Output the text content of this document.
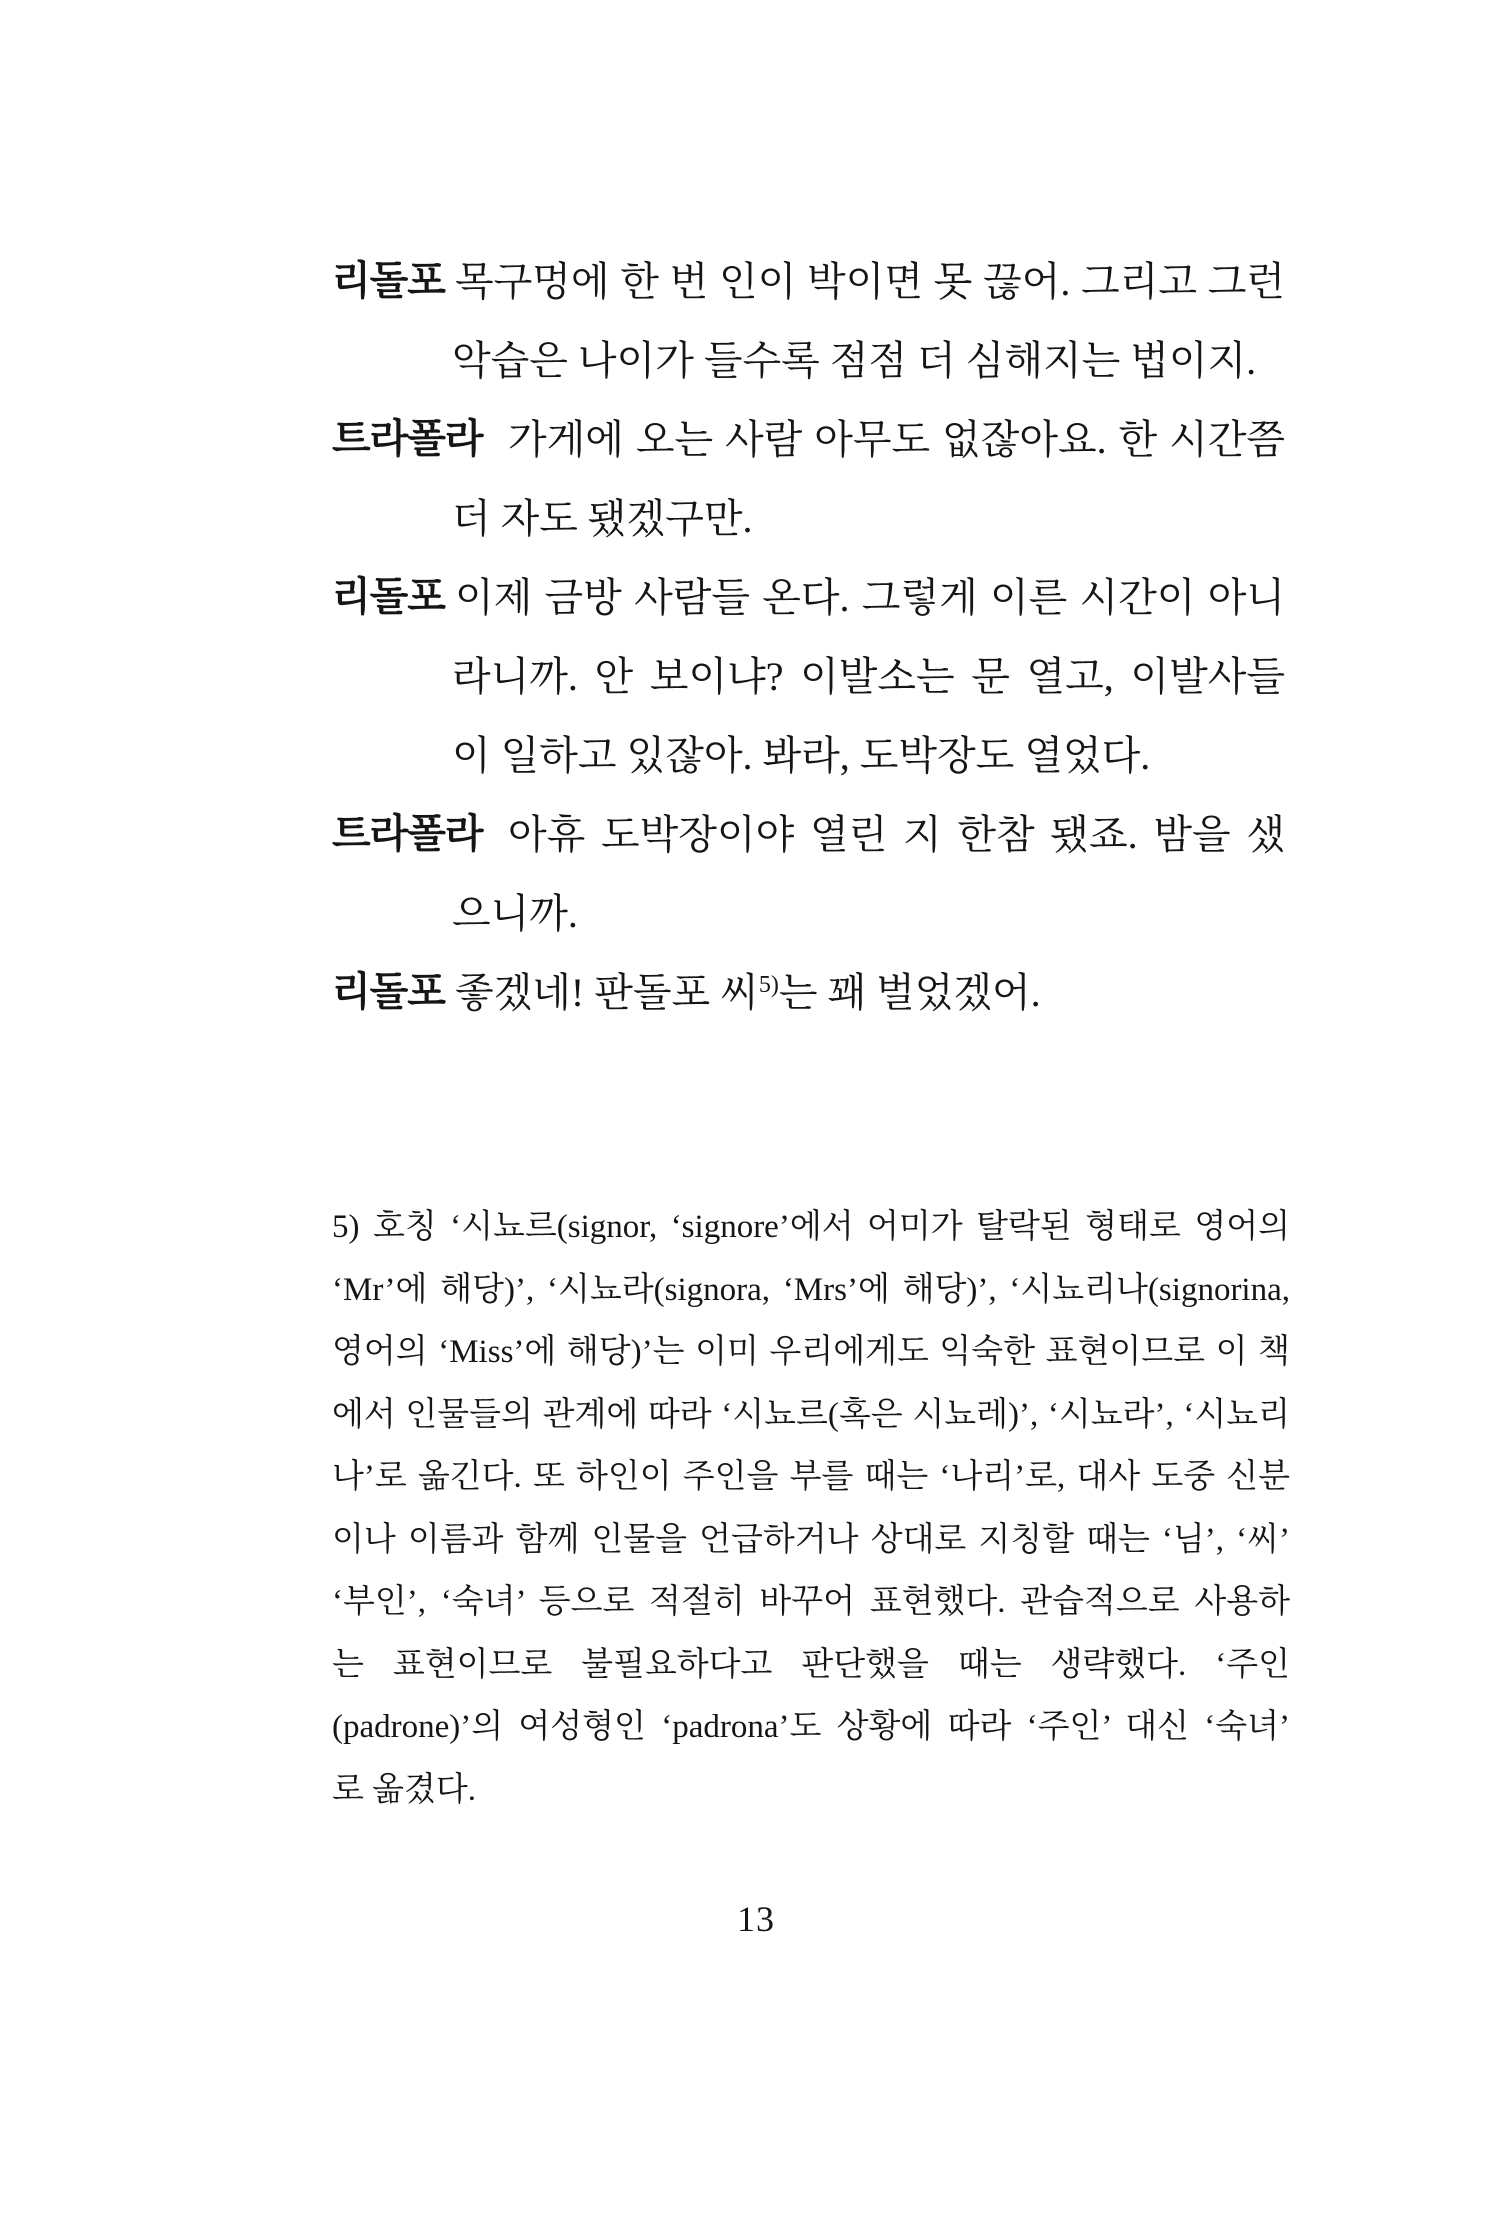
리돌포 목구멍에 한 번 인이 박이면 못 끊어. 그리고 그런
악습은 나이가 들수록 점점 더 심해지는 법이지.
트라폴라 가게에 오는 사람 아무도 없잖아요. 한 시간쯤
더 자도 됐겠구만.
리돌포 이제 금방 사람들 온다. 그렇게 이른 시간이 아니
라니까. 안 보이냐? 이발소는 문 열고, 이발사들
이 일하고 있잖아. 봐라, 도박장도 열었다.
트라폴라 아휴 도박장이야 열린 지 한참 됐죠. 밤을 샜
으니까.
리돌포 좋겠네! 판돌포 씨$^{5)}$는 꽤 벌었겠어.
5) 호칭 ‘시뇨르(signor, ‘signore’에서 어미가 탈락된 형태로 영어의
‘Mr’에 해당)’, ‘시뇨라(signora, ‘Mrs’에 해당)’, ‘시뇨리나(signorina,
영어의 ‘Miss’에 해당)’는 이미 우리에게도 익숙한 표현이므로 이 책
에서 인물들의 관계에 따라 ‘시뇨르(혹은 시뇨레)’, ‘시뇨라’, ‘시뇨리
나’로 옮긴다. 또 하인이 주인을 부를 때는 ‘나리’로, 대사 도중 신분
이나 이름과 함께 인물을 언급하거나 상대로 지칭할 때는 ‘님’, ‘씨’
‘부인’, ‘숙녀’ 등으로 적절히 바꾸어 표현했다. 관습적으로 사용하
는 표현이므로 불필요하다고 판단했을 때는 생략했다. ‘주인
(padrone)’의 여성형인 ‘padrona’도 상황에 따라 ‘주인’ 대신 ‘숙녀’
로 옮겼다.
13
